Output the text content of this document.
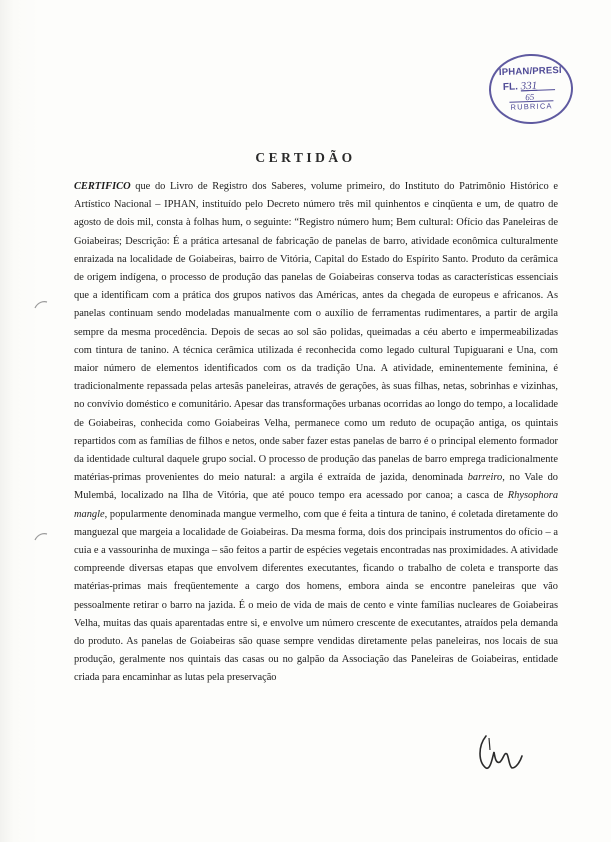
IPHAN/PRESI
FL. 331
65
RUBRICA
CERTIDÃO

CERTIFICO que do Livro de Registro dos Saberes, volume primeiro, do Instituto do Patrimônio Histórico e Artístico Nacional – IPHAN, instituído pelo Decreto número três mil quinhentos e cinqüenta e um, de quatro de agosto de dois mil, consta à folhas hum, o seguinte: “Registro número hum; Bem cultural: Ofício das Paneleiras de Goiabeiras; Descrição: É a prática artesanal de fabricação de panelas de barro, atividade econômica culturalmente enraizada na localidade de Goiabeiras, bairro de Vitória, Capital do Estado do Espírito Santo. Produto da cerâmica de origem indígena, o processo de produção das panelas de Goiabeiras conserva todas as características essenciais que a identificam com a prática dos grupos nativos das Américas, antes da chegada de europeus e africanos. As panelas continuam sendo modeladas manualmente com o auxílio de ferramentas rudimentares, a partir de argila sempre da mesma procedência. Depois de secas ao sol são polidas, queimadas a céu aberto e impermeabilizadas com tintura de tanino. A técnica cerâmica utilizada é reconhecida como legado cultural Tupiguarani e Una, com maior número de elementos identificados com os da tradição Una. A atividade, eminentemente feminina, é tradicionalmente repassada pelas artesãs paneleiras, através de gerações, às suas filhas, netas, sobrinhas e vizinhas, no convívio doméstico e comunitário. Apesar das transformações urbanas ocorridas ao longo do tempo, a localidade de Goiabeiras, conhecida como Goiabeiras Velha, permanece como um reduto de ocupação antiga, os quintais repartidos com as famílias de filhos e netos, onde saber fazer estas panelas de barro é o principal elemento formador da identidade cultural daquele grupo social. O processo de produção das panelas de barro emprega tradicionalmente matérias-primas provenientes do meio natural: a argila é extraída de jazida, denominada barreiro, no Vale do Mulembá, localizado na Ilha de Vitória, que até pouco tempo era acessado por canoa; a casca de Rhysophora mangle, popularmente denominada mangue vermelho, com que é feita a tintura de tanino, é coletada diretamente do manguezal que margeia a localidade de Goiabeiras. Da mesma forma, dois dos principais instrumentos do ofício – a cuia e a vassourinha de muxinga – são feitos a partir de espécies vegetais encontradas nas proximidades. A atividade compreende diversas etapas que envolvem diferentes executantes, ficando o trabalho de coleta e transporte das matérias-primas mais freqüentemente a cargo dos homens, embora ainda se encontre paneleiras que vão pessoalmente retirar o barro na jazida. É o meio de vida de mais de cento e vinte famílias nucleares de Goiabeiras Velha, muitas das quais aparentadas entre si, e envolve um número crescente de executantes, atraídos pela demanda do produto. As panelas de Goiabeiras são quase sempre vendidas diretamente pelas paneleiras, nos locais de sua produção, geralmente nos quintais das casas ou no galpão da Associação das Paneleiras de Goiabeiras, entidade criada para encaminhar as lutas pela preservação
